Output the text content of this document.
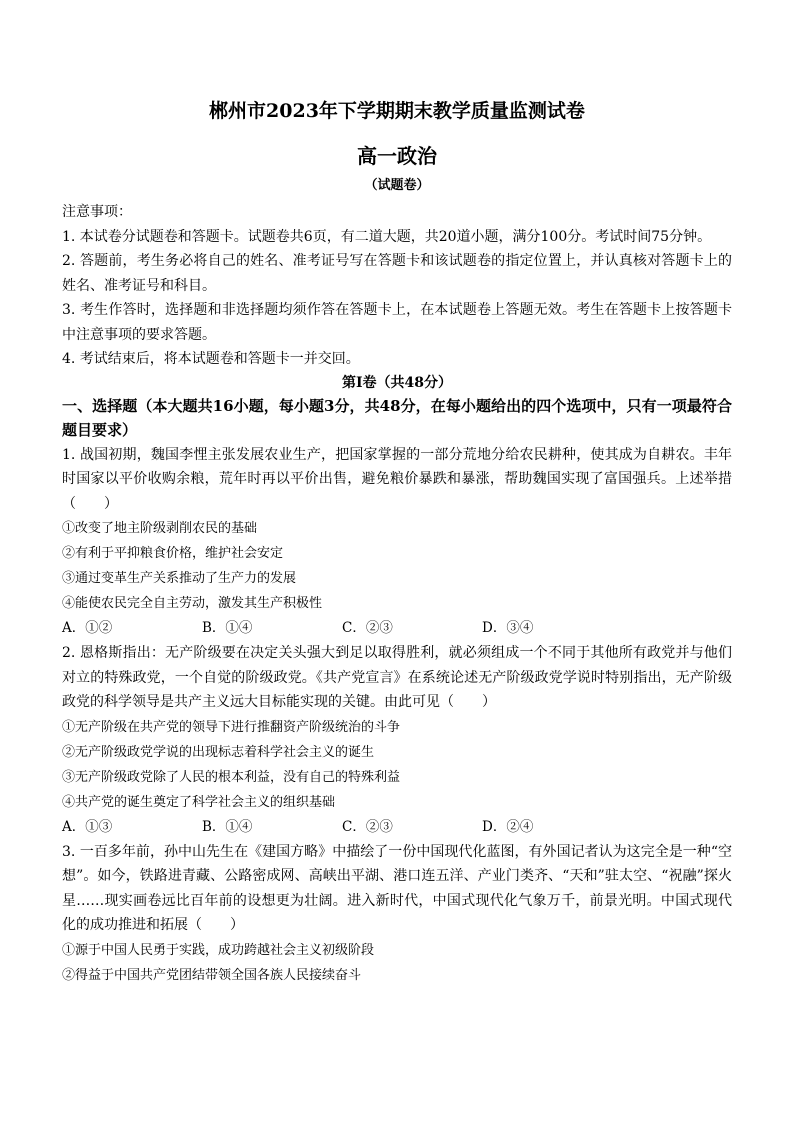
郴州市2023年下学期期末教学质量监测试卷
高一政治
（试题卷）
注意事项：
1. 本试卷分试题卷和答题卡。试题卷共6页，有二道大题，共20道小题，满分100分。考试时间75分钟。
2. 答题前，考生务必将自己的姓名、准考证号写在答题卡和该试题卷的指定位置上，并认真核对答题卡上的姓名、准考证号和科目。
3. 考生作答时，选择题和非选择题均须作答在答题卡上，在本试题卷上答题无效。考生在答题卡上按答题卡中注意事项的要求答题。
4. 考试结束后，将本试题卷和答题卡一并交回。
第Ⅰ卷（共48分）
一、选择题（本大题共16小题，每小题3分，共48分，在每小题给出的四个选项中，只有一项最符合题目要求）
1. 战国初期，魏国李悝主张发展农业生产，把国家掌握的一部分荒地分给农民耕种，使其成为自耕农。丰年时国家以平价收购余粮，荒年时再以平价出售，避免粮价暴跌和暴涨，帮助魏国实现了富国强兵。上述举措（　　）
①改变了地主阶级剥削农民的基础
②有利于平抑粮食价格，维护社会安定
③通过变革生产关系推动了生产力的发展
④能使农民完全自主劳动，激发其生产积极性
A．①②	B．①④	C．②③	D．③④
2. 恩格斯指出：无产阶级要在决定关头强大到足以取得胜利，就必须组成一个不同于其他所有政党并与他们对立的特殊政党，一个自觉的阶级政党。《共产党宣言》在系统论述无产阶级政党学说时特别指出，无产阶级政党的科学领导是共产主义远大目标能实现的关键。由此可见（　　）
①无产阶级在共产党的领导下进行推翻资产阶级统治的斗争
②无产阶级政党学说的出现标志着科学社会主义的诞生
③无产阶级政党除了人民的根本利益，没有自己的特殊利益
④共产党的诞生奠定了科学社会主义的组织基础
A．①③	B．①④	C．②③	D．②④
3. 一百多年前，孙中山先生在《建国方略》中描绘了一份中国现代化蓝图，有外国记者认为这完全是一种“空想”。如今，铁路进青藏、公路密成网、高峡出平湖、港口连五洋、产业门类齐、“天和”驻太空、“祝融”探火星……现实画卷远比百年前的设想更为壮阔。进入新时代，中国式现代化气象万千，前景光明。中国式现代化的成功推进和拓展（　　）
①源于中国人民勇于实践，成功跨越社会主义初级阶段
②得益于中国共产党团结带领全国各族人民接续奋斗
